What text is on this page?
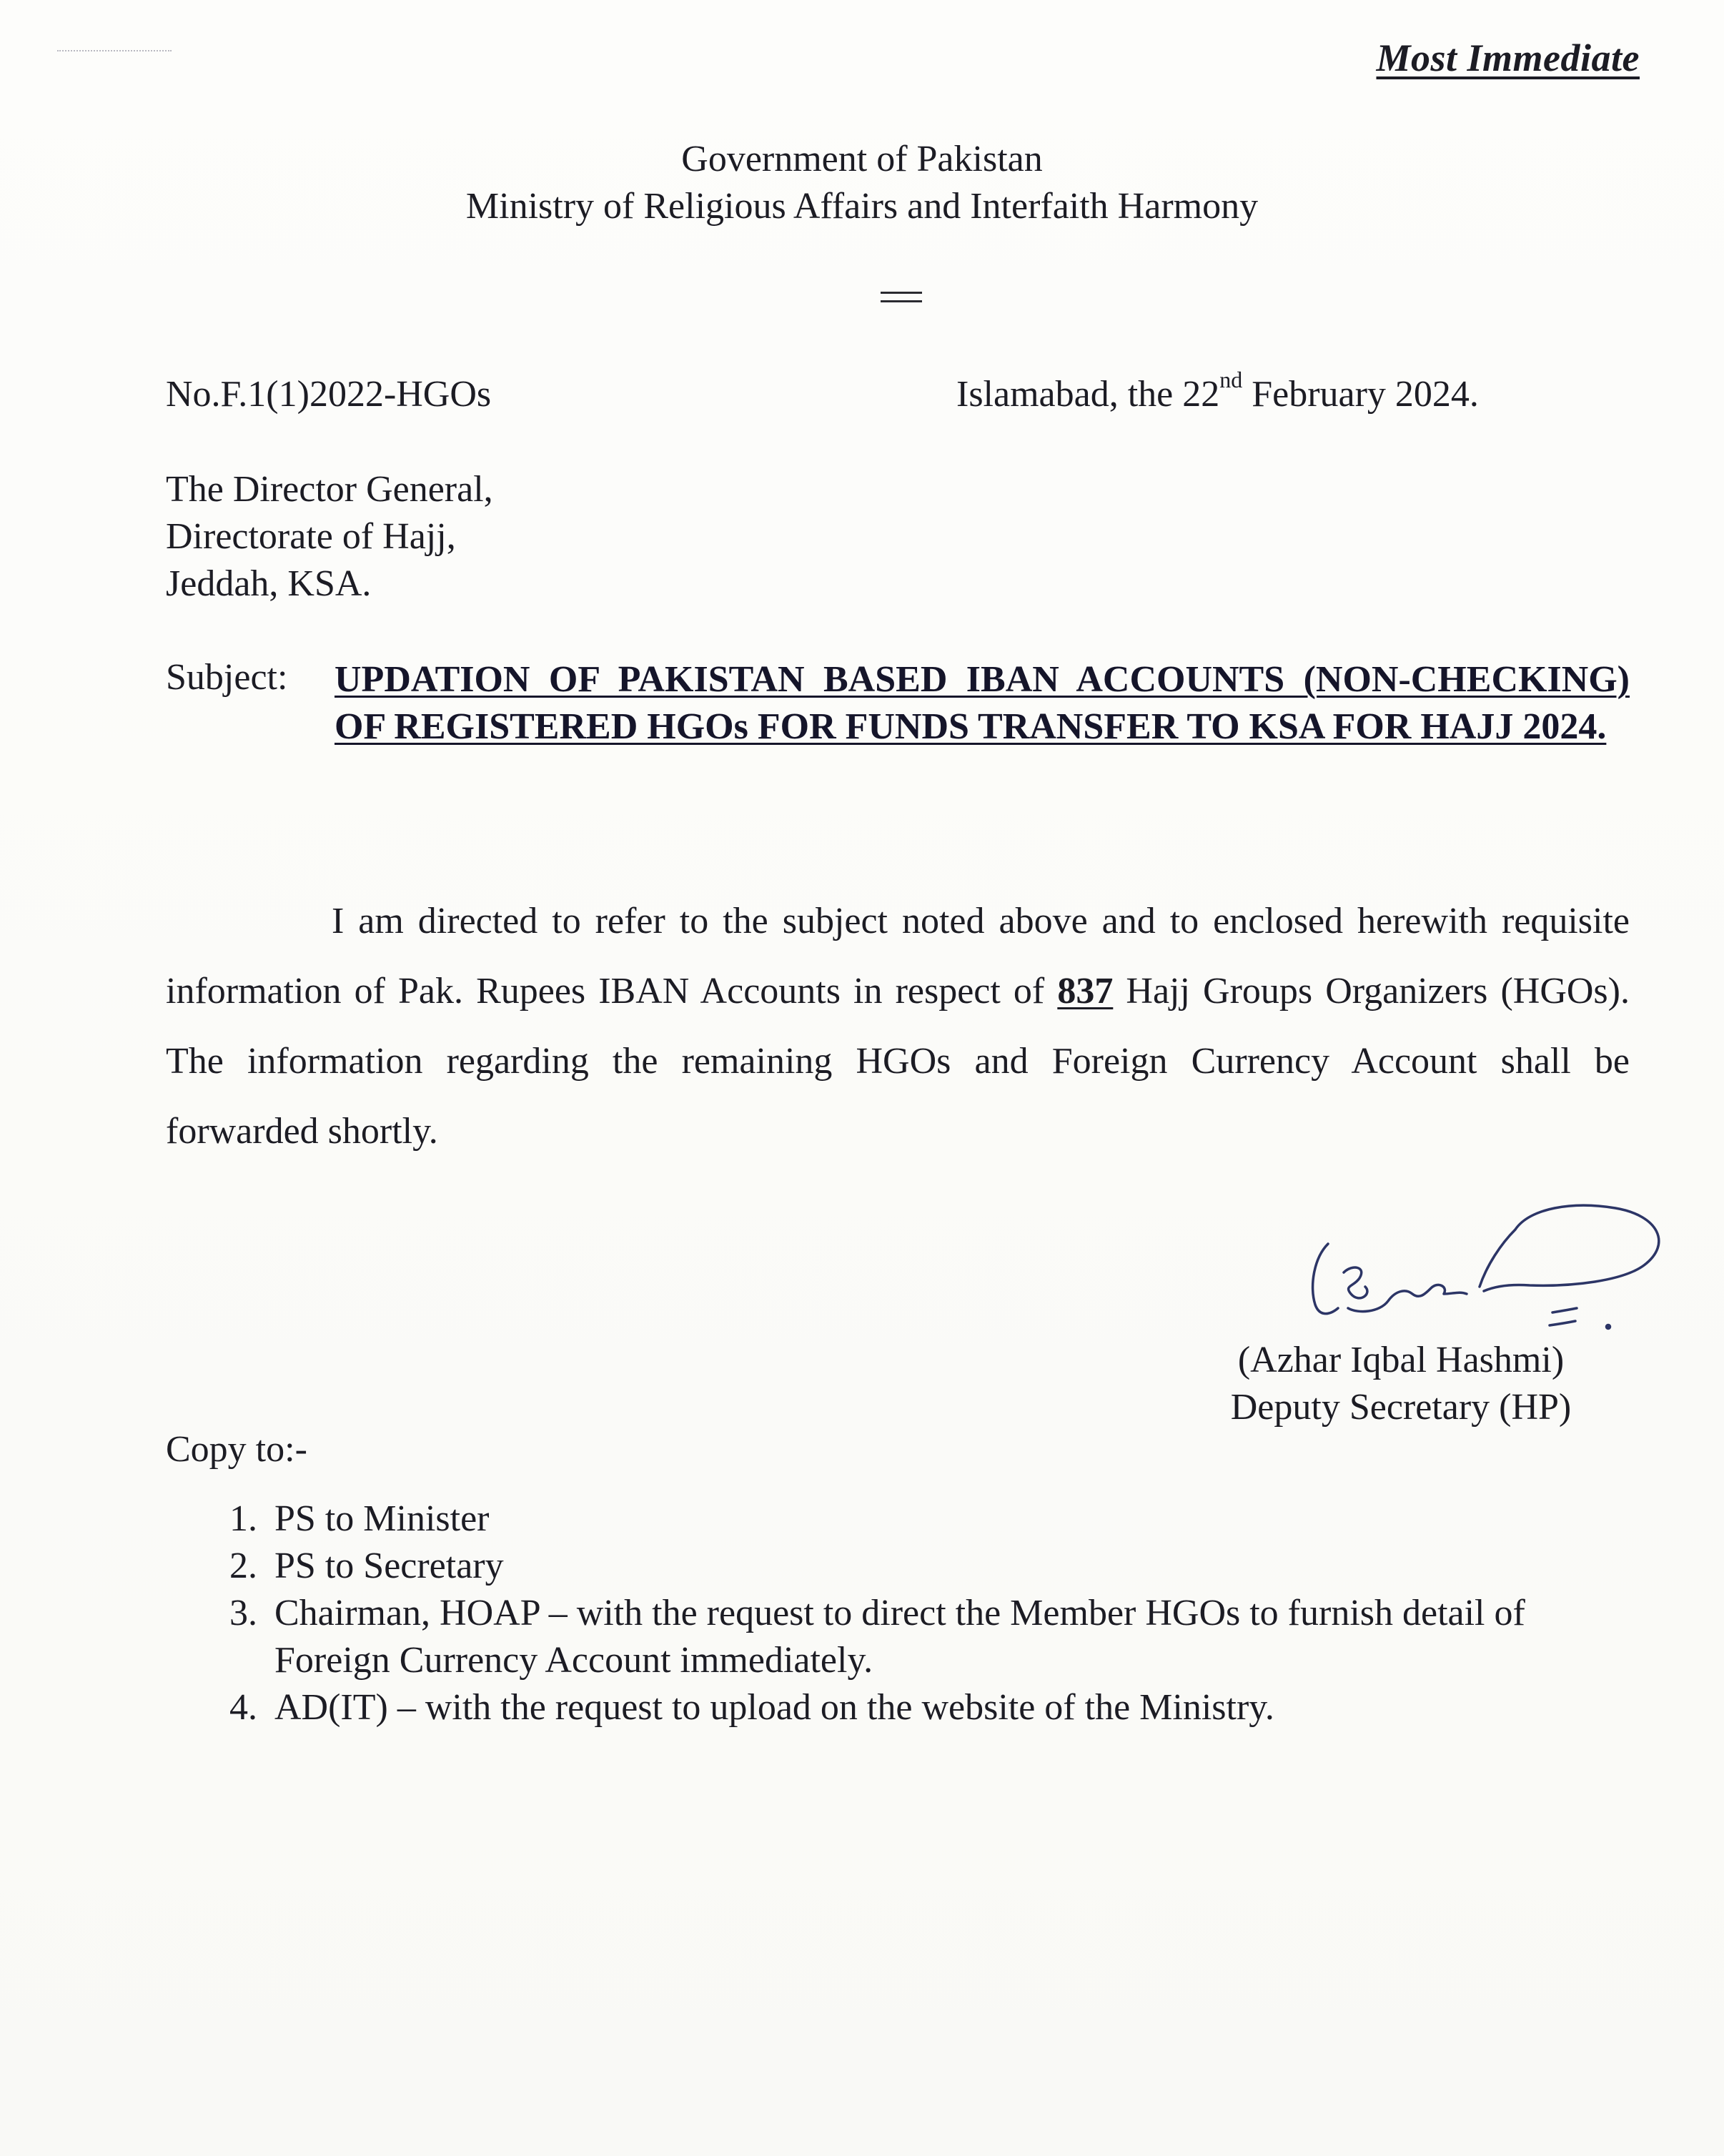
Most Immediate
Government of Pakistan
Ministry of Religious Affairs and Interfaith Harmony
No.F.1(1)2022-HGOs	Islamabad, the 22nd February 2024.
The Director General,
Directorate of Hajj,
Jeddah, KSA.
Subject: UPDATION OF PAKISTAN BASED IBAN ACCOUNTS (NON-CHECKING) OF REGISTERED HGOs FOR FUNDS TRANSFER TO KSA FOR HAJJ 2024.
I am directed to refer to the subject noted above and to enclosed herewith requisite information of Pak. Rupees IBAN Accounts in respect of 837 Hajj Groups Organizers (HGOs). The information regarding the remaining HGOs and Foreign Currency Account shall be forwarded shortly.
(Azhar Iqbal Hashmi)
Deputy Secretary (HP)
Copy to:-
1. PS to Minister
2. PS to Secretary
3. Chairman, HOAP – with the request to direct the Member HGOs to furnish detail of Foreign Currency Account immediately.
4. AD(IT) – with the request to upload on the website of the Ministry.
